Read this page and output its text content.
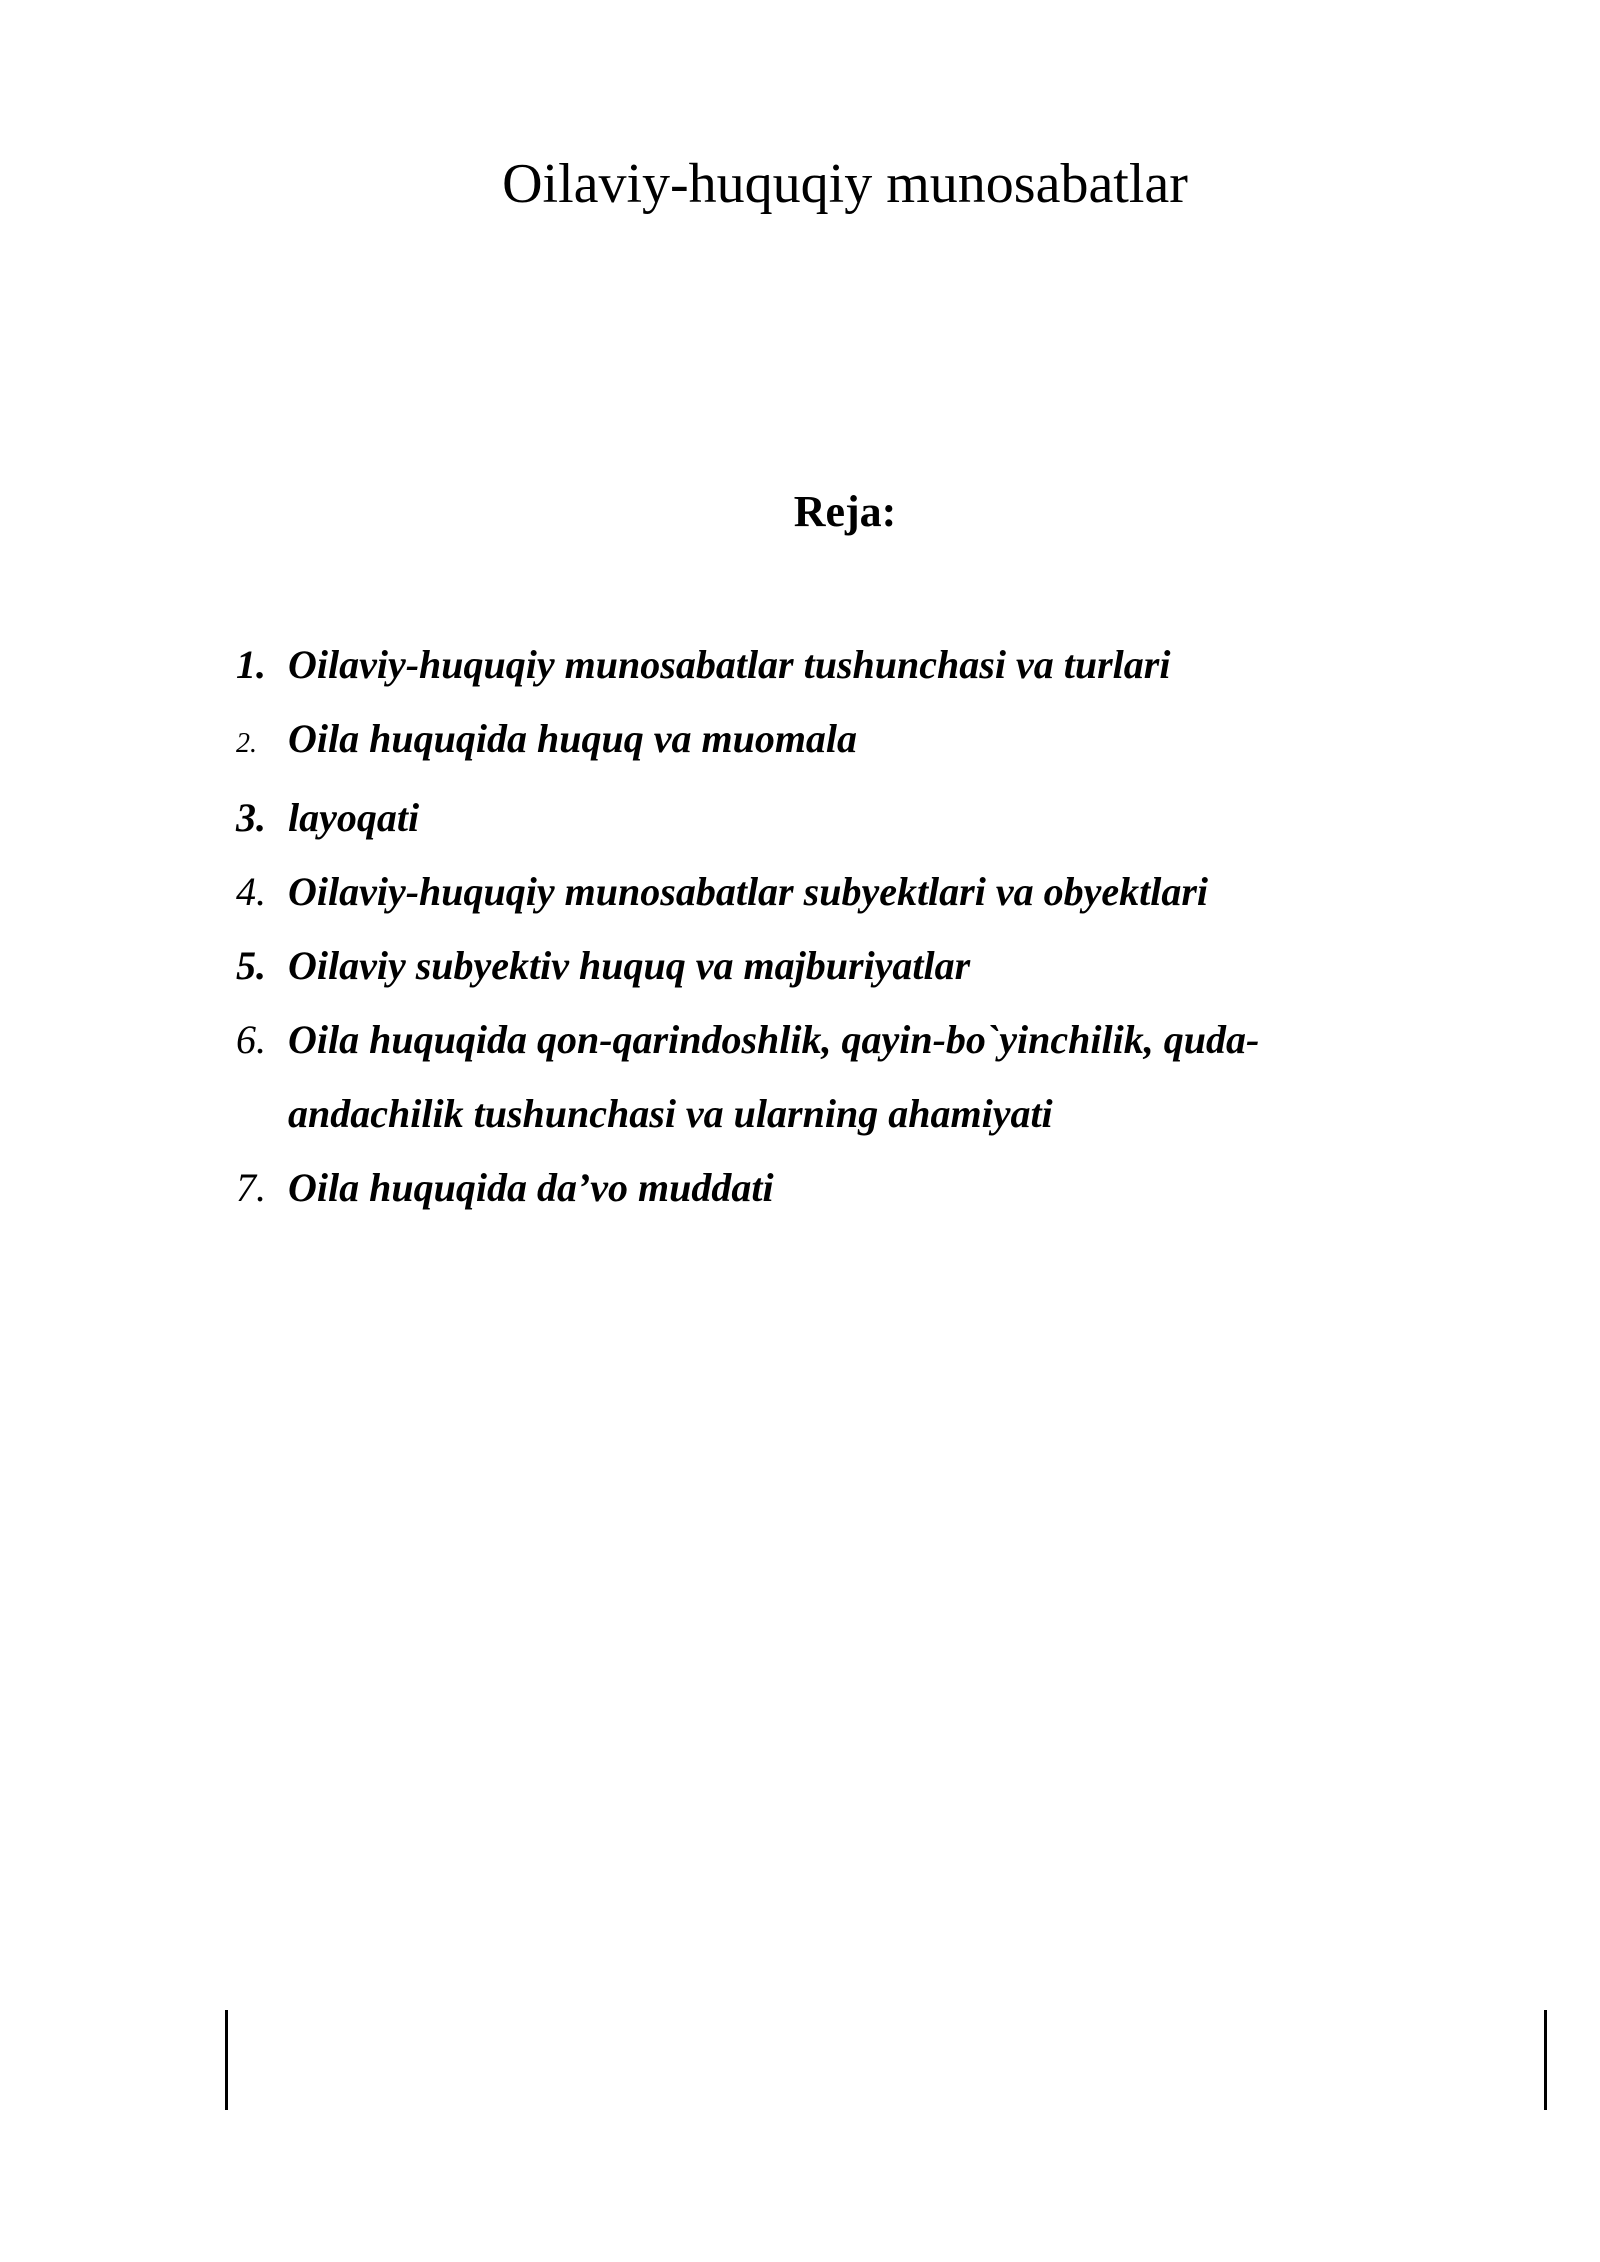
Oilaviy-huquqiy munosabatlar
Reja:
1. Oilaviy-huquqiy munosabatlar tushunchasi va turlari
2. Oila huquqida huquq va muomala
3. layoqati
4. Oilaviy-huquqiy munosabatlar subyektlari va obyektlari
5. Oilaviy subyektiv huquq va majburiyatlar
6. Oila huquqida qon-qarindoshlik, qayin-bo`yinchilik, quda-andachilik tushunchasi va ularning ahamiyati
7. Oila huquqida da’vo muddati
